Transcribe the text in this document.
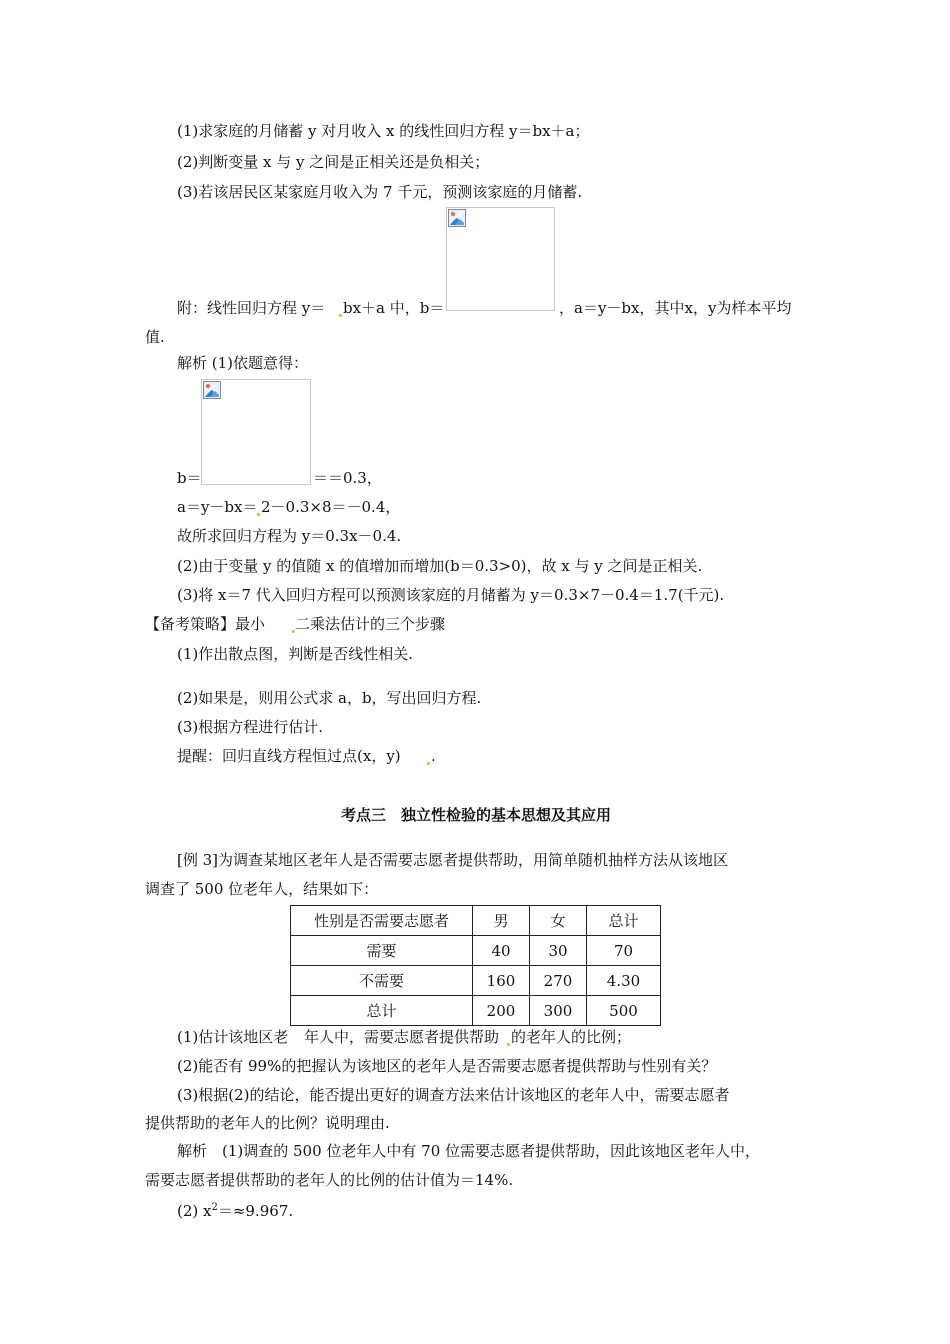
(1)求家庭的月储蓄 y 对月收入 x 的线性回归方程 y＝bx＋a；
(2)判断变量 x 与 y 之间是正相关还是负相关；
(3)若该居民区某家庭月收入为 7 千元，预测该家庭的月储蓄.
附：线性回归方程 y＝ bx＋a 中，b＝	，a＝y－bx，其中x，y为样本平均
值.
解析 (1)依题意得：
b＝	＝＝0.3，
a＝y－bx＝ 2－0.3×8＝－0.4，
故所求回归方程为 y＝0.3x－0.4.
(2)由于变量 y 的值随 x 的值增加而增加(b＝0.3>0)，故 x 与 y 之间是正相关.
(3)将 x＝7 代入回归方程可以预测该家庭的月储蓄为 y＝0.3×7－0.4＝1.7(千元).
【备考策略】最小 二乘法估计的三个步骤
(1)作出散点图，判断是否线性相关.
(2)如果是，则用公式求 a，b，写出回归方程.
(3)根据方程进行估计.
提醒：回归直线方程恒过点(x，y) .
考点三　独立性检验的基本思想及其应用
[例 3]为调查某地区老年人是否需要志愿者提供帮助，用简单随机抽样方法从该地区
调查了 500 位老年人，结果如下：
性别是否需要志愿者	男	女	总计
需要	40	30	70
不需要	160	270	4.30
总计	200	300	500
(1)估计该地区老 年人中，需要志愿者提供帮助 的老年人的比例；
(2)能否有 99%的把握认为该地区的老年人是否需要志愿者提供帮助与性别有关？
(3)根据(2)的结论，能否提出更好的调查方法来估计该地区的老年人中，需要志愿者
提供帮助的老年人的比例？说明理由.
解析　(1)调查的 500 位老年人中有 70 位需要志愿者提供帮助，因此该地区老年人中，
需要志愿者提供帮助的老年人的比例的估计值为＝14%.
(2) $x^2=\approx 9.967$.
